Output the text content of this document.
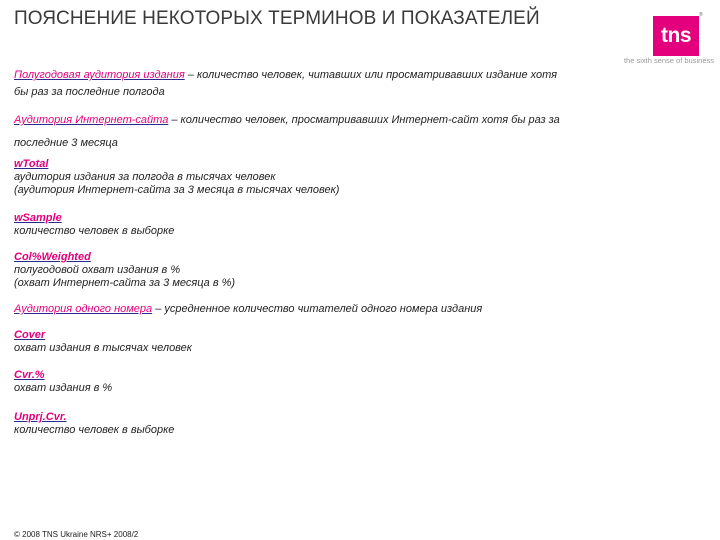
ПОЯСНЕНИЕ НЕКОТОРЫХ ТЕРМИНОВ И ПОКАЗАТЕЛЕЙ
tns
®
the sixth sense of business
Полугодовая аудитория издания – количество человек, читавших или просматривавших издание хотя
бы раз за последние полгода
Аудитория Интернет-сайта – количество человек, просматривавших Интернет-сайт хотя бы раз за
последние 3 месяца
wTotal
аудитория издания за полгода в тысячах человек
(аудитория Интернет-сайта за 3 месяца в тысячах человек)
wSample
количество человек в выборке
Col%Weighted
полугодовой охват издания в %
(охват Интернет-сайта за 3 месяца в %)
Аудитория одного номера – усредненное количество читателей одного номера издания
Cover
охват издания в тысячах человек
Cvr.%
охват издания в %
Unprj.Cvr.
количество человек в выборке
© 2008 TNS Ukraine NRS+ 2008/2
